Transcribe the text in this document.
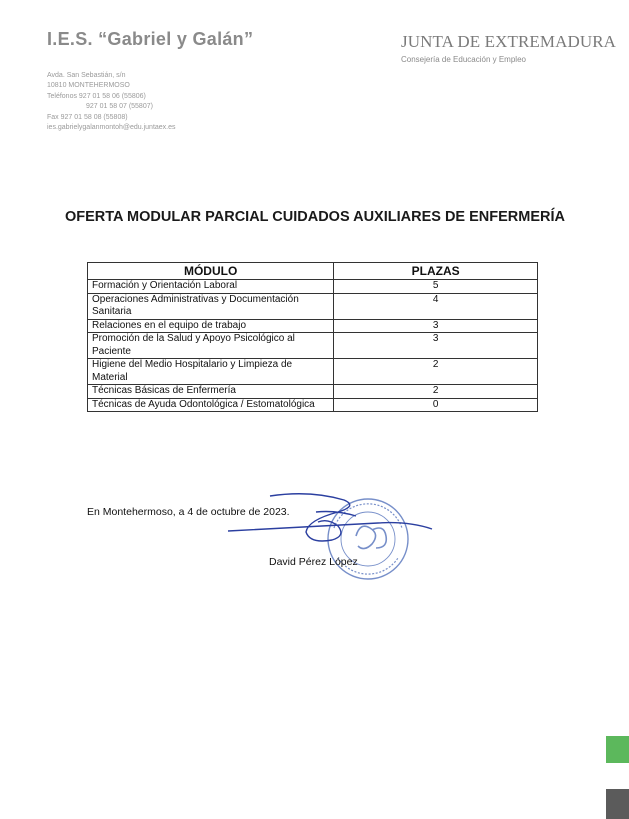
I.E.S. “Gabriel y Galán”	JUNTA DE EXTREMADURA
Consejería de Educación y Empleo
Avda. San Sebastián, s/n
10810 MONTEHERMOSO
Teléfonos 927 01 58 06 (55806)
927 01 58 07 (55807)
Fax 927 01 58 08 (55808)
ies.gabrielygalanmontoh@edu.juntaex.es
OFERTA MODULAR PARCIAL CUIDADOS AUXILIARES DE ENFERMERÍA
MÓDULO	PLAZAS
Formación y Orientación Laboral	5
Operaciones Administrativas y Documentación Sanitaria	4
Relaciones en el equipo de trabajo	3
Promoción de la Salud y Apoyo Psicológico al Paciente	3
Higiene del Medio Hospitalario y Limpieza de Material	2
Técnicas Básicas de Enfermería	2
Técnicas de Ayuda Odontológica / Estomatológica	0
En Montehermoso, a 4 de octubre de 2023.
David Pérez López
